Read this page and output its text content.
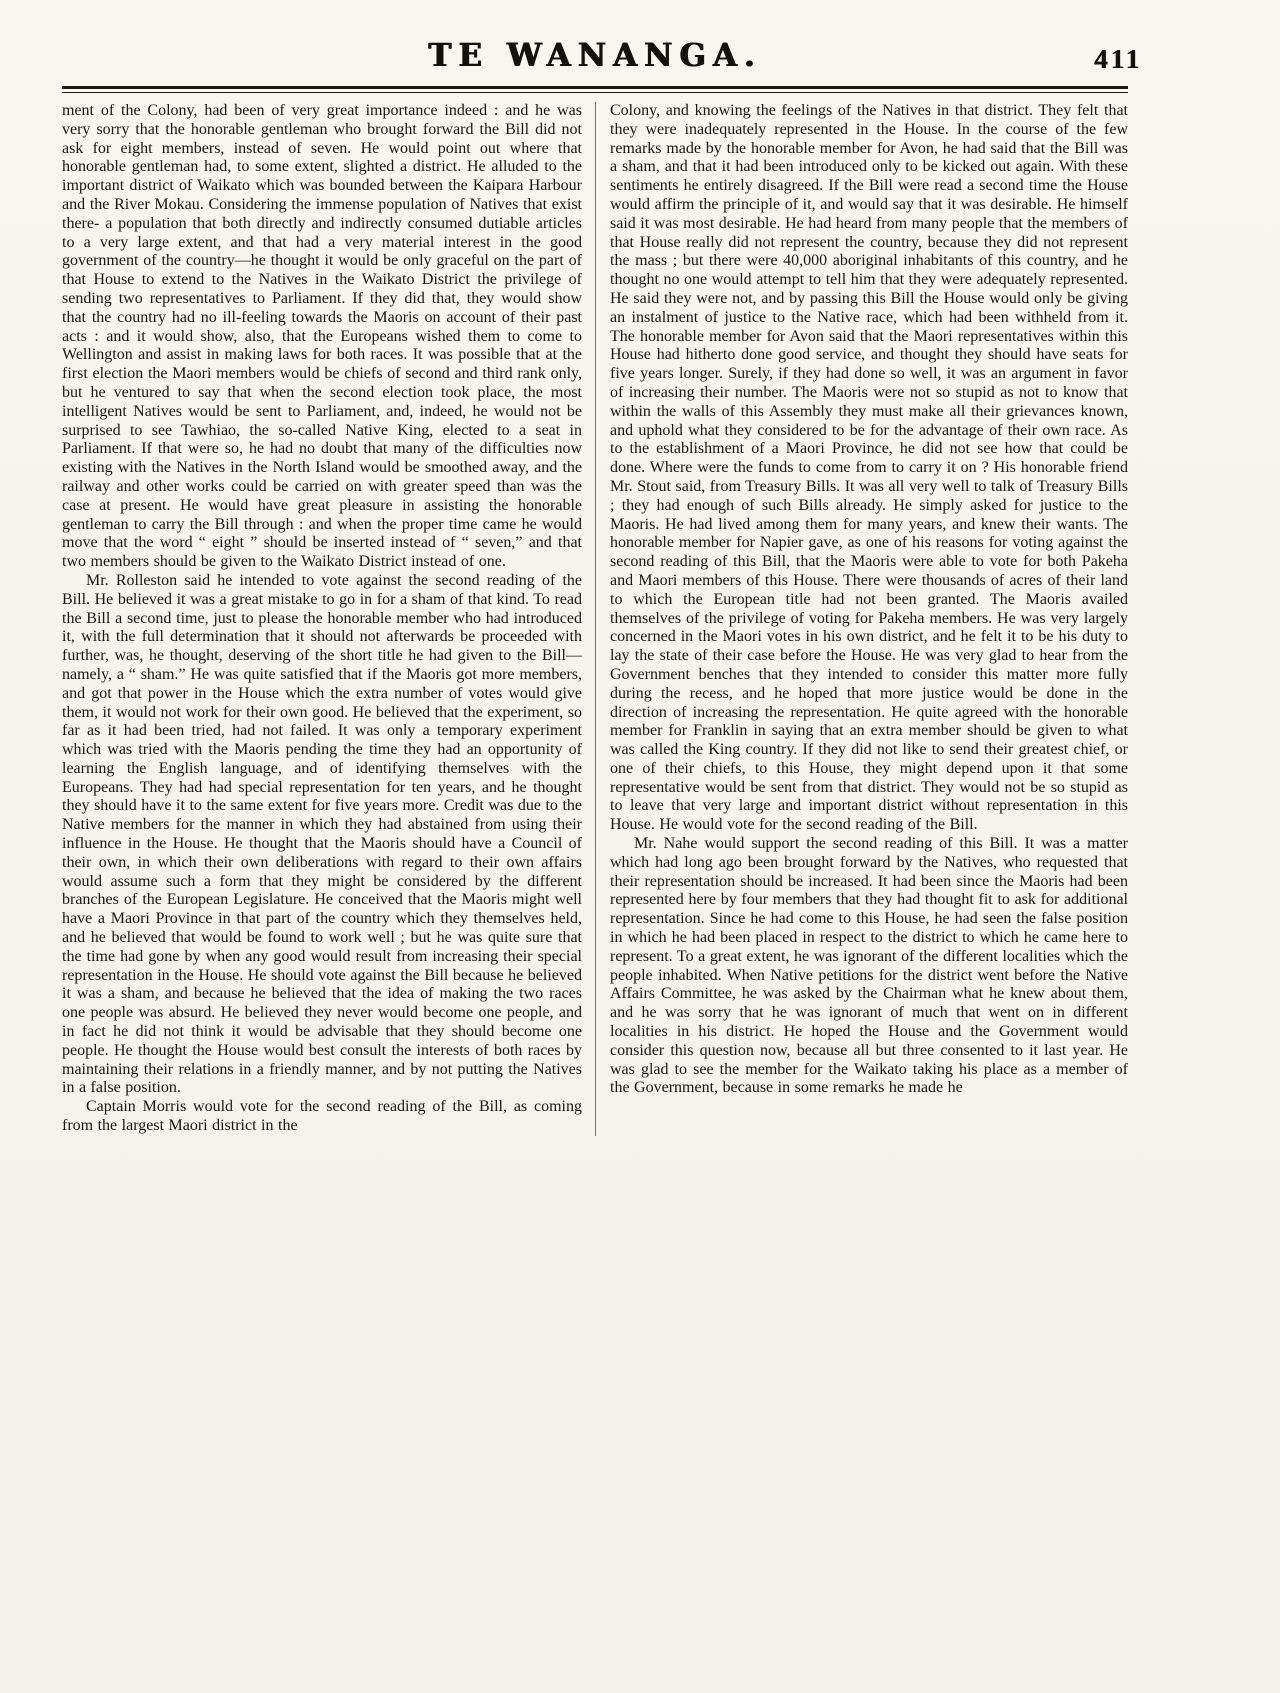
TE WANANGA.	411

ment of the Colony, had been of very great importance indeed : and he was very sorry that the honorable gentleman who brought forward the Bill did not ask for eight members, instead of seven. He would point out where that honorable gentleman had, to some extent, slighted a district. He alluded to the important district of Waikato which was bounded between the Kaipara Harbour and the River Mokau. Considering the immense population of Natives that exist there- a population that both directly and indirectly consumed dutiable articles to a very large extent, and that had a very material interest in the good government of the country—he thought it would be only graceful on the part of that House to extend to the Natives in the Waikato District the privilege of sending two representatives to Parliament. If they did that, they would show that the country had no ill-feeling towards the Maoris on account of their past acts : and it would show, also, that the Europeans wished them to come to Wellington and assist in making laws for both races. It was possible that at the first election the Maori members would be chiefs of second and third rank only, but he ventured to say that when the second election took place, the most intelligent Natives would be sent to Parliament, and, indeed, he would not be surprised to see Tawhiao, the so-called Native King, elected to a seat in Parliament. If that were so, he had no doubt that many of the difficulties now existing with the Natives in the North Island would be smoothed away, and the railway and other works could be carried on with greater speed than was the case at present. He would have great pleasure in assisting the honorable gentleman to carry the Bill through : and when the proper time came he would move that the word “ eight ” should be inserted instead of “ seven,” and that two members should be given to the Waikato District instead of one.

Mr. Rolleston said he intended to vote against the second reading of the Bill. He believed it was a great mistake to go in for a sham of that kind. To read the Bill a second time, just to please the honorable member who had introduced it, with the full determination that it should not afterwards be proceeded with further, was, he thought, deserving of the short title he had given to the Bill—namely, a “ sham.” He was quite satisfied that if the Maoris got more members, and got that power in the House which the extra number of votes would give them, it would not work for their own good. He believed that the experiment, so far as it had been tried, had not failed. It was only a temporary experiment which was tried with the Maoris pending the time they had an opportunity of learning the English language, and of identifying themselves with the Europeans. They had had special representation for ten years, and he thought they should have it to the same extent for five years more. Credit was due to the Native members for the manner in which they had abstained from using their influence in the House. He thought that the Maoris should have a Council of their own, in which their own deliberations with regard to their own affairs would assume such a form that they might be considered by the different branches of the European Legislature. He conceived that the Maoris might well have a Maori Province in that part of the country which they themselves held, and he believed that would be found to work well ; but he was quite sure that the time had gone by when any good would result from increasing their special representation in the House. He should vote against the Bill because he believed it was a sham, and because he believed that the idea of making the two races one people was absurd. He believed they never would become one people, and in fact he did not think it would be advisable that they should become one people. He thought the House would best consult the interests of both races by maintaining their relations in a friendly manner, and by not putting the Natives in a false position.

Captain Morris would vote for the second reading of the Bill, as coming from the largest Maori district in the

Colony, and knowing the feelings of the Natives in that district. They felt that they were inadequately represented in the House. In the course of the few remarks made by the honorable member for Avon, he had said that the Bill was a sham, and that it had been introduced only to be kicked out again. With these sentiments he entirely disagreed. If the Bill were read a second time the House would affirm the principle of it, and would say that it was desirable. He himself said it was most desirable. He had heard from many people that the members of that House really did not represent the country, because they did not represent the mass ; but there were 40,000 aboriginal inhabitants of this country, and he thought no one would attempt to tell him that they were adequately represented. He said they were not, and by passing this Bill the House would only be giving an instalment of justice to the Native race, which had been withheld from it. The honorable member for Avon said that the Maori representatives within this House had hitherto done good service, and thought they should have seats for five years longer. Surely, if they had done so well, it was an argument in favor of increasing their number. The Maoris were not so stupid as not to know that within the walls of this Assembly they must make all their grievances known, and uphold what they considered to be for the advantage of their own race. As to the establishment of a Maori Province, he did not see how that could be done. Where were the funds to come from to carry it on ? His honorable friend Mr. Stout said, from Treasury Bills. It was all very well to talk of Treasury Bills ; they had enough of such Bills already. He simply asked for justice to the Maoris. He had lived among them for many years, and knew their wants. The honorable member for Napier gave, as one of his reasons for voting against the second reading of this Bill, that the Maoris were able to vote for both Pakeha and Maori members of this House. There were thousands of acres of their land to which the European title had not been granted. The Maoris availed themselves of the privilege of voting for Pakeha members. He was very largely concerned in the Maori votes in his own district, and he felt it to be his duty to lay the state of their case before the House. He was very glad to hear from the Government benches that they intended to consider this matter more fully during the recess, and he hoped that more justice would be done in the direction of increasing the representation. He quite agreed with the honorable member for Franklin in saying that an extra member should be given to what was called the King country. If they did not like to send their greatest chief, or one of their chiefs, to this House, they might depend upon it that some representative would be sent from that district. They would not be so stupid as to leave that very large and important district without representation in this House. He would vote for the second reading of the Bill.

Mr. Nahe would support the second reading of this Bill. It was a matter which had long ago been brought forward by the Natives, who requested that their representation should be increased. It had been since the Maoris had been represented here by four members that they had thought fit to ask for additional representation. Since he had come to this House, he had seen the false position in which he had been placed in respect to the district to which he came here to represent. To a great extent, he was ignorant of the different localities which the people inhabited. When Native petitions for the district went before the Native Affairs Committee, he was asked by the Chairman what he knew about them, and he was sorry that he was ignorant of much that went on in different localities in his district. He hoped the House and the Government would consider this question now, because all but three consented to it last year. He was glad to see the member for the Waikato taking his place as a member of the Government, because in some remarks he made he
